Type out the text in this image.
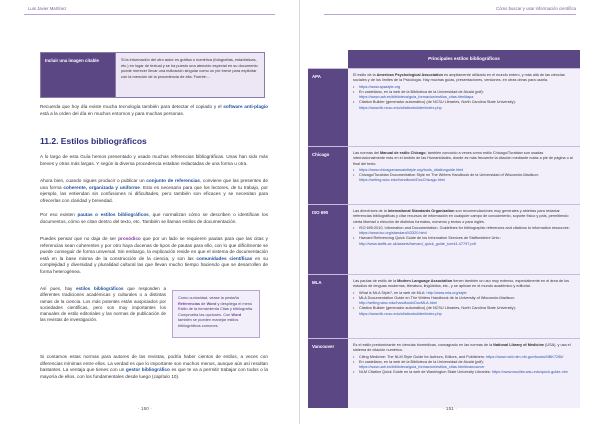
Luis Javier Martínez
Incluir una imagen citable	Si la información del otro autor es gráfica o numérica (fotografías, estadísticas, etc.) en lugar de textual y se ha puesto una atención especial en su documento puede merecer llevar una indicación singular como un pie breve para explicitar con la mención de la procedencia de ella. Fuente:...
Recuerda que hoy día existe mucha tecnología también para detectar el copiado y el software anti-plagio está a la orden del día en muchos entornos y para muchas personas.
11.2. Estilos bibliográficos
A lo largo de esta Guía hemos presentado y usado muchas referencias bibliográficas. Unas han sido más breves y otras más largas. Y según la diversa procedencia estaban redactadas de una forma u otra.
Ahora bien, cuando sigues producir o publicar un conjunto de referencias, conviene que las presentes de una forma coherente, organizada y uniforme. Esto es necesario para que los lectores, de tu trabajo, por ejemplo, las entiendan sin confusiones ni dificultades, pero también son eficaces y se necesitan para ofrecerlas con claridad y brevedad.
Por eso existen pautas o estilos bibliográficos, que normalizan cómo se describen o identifican los documentos, cómo se citan dentro del texto, etc. También se llaman estilos de documentación.
Puedes pensar que no daja de ser prosódico que por un lado se requieren pautas para que las citas y referencias sean coherentes y por otro haya docenas de tipos de pautas para ello, con lo que difícilmente se puede conseguir de forma universal. Sin embargo, la explicación reside en que el sistema de documentación está en la base misma de la construcción de la ciencia, y son las comunidades científicas en su complejidad y diversidad y pluralidad cultural las que llevan mucho tiempo haciendo que se desarrollen de forma heterogénea.
Así pues, hay estilos bibliográficos que responden a diferentes tradiciones académicas y culturales o a distintas ramas de la ciencia. Los más potentes están auspiciados por sociedades científicas, pero son muy importantes los manuales de estilo editoriales y las normas de publicación de las revistas de investigación.
Como curiosidad, véase la pestaña Referencias de Word y despliega el menú Estilo de la herramienta Citas y bibliografía. Comprueba las opciones. Con Word también se pueden manejar estilos bibliográficos comunes.
Si contamos estas normas para autores de las revistas, podría haber cientos de estilos, a veces con diferencias mínimas entre ellos. La verdad es que lo importante son muchos menos, aunque aún así resultan bastantes. La ventaja que tienes con un gestor bibliográfico es que te va a permitir trabajar con todos o la mayoría de ellos, con los fundamentales desde luego (capítulo 10).
· 150 ·
Cómo buscar y usar información científica
Principales estilos bibliográficos
APA	El estilo de la American Psychological Association es ampliamente utilizado en el mundo entero, y más allá de las ciencias sociales y de los límites de la Psicología. Hay muchas guías, presentaciones, versiones, en otras obras para usarla.
• https://www.apastyle.org
• En castellano, en la web de la Biblioteca de la Universidad de Alcalá (pdf): https://www.uah.es/biblioteca/guia_formacion/estilos_citas.html#apa
• Citation Builder (generador automático) (de NCSU Libraries, North Carolina State University): https://www.lib.ncsu.edu/citationbuilder/index.php
Chicago	Las normas del Manual de estilo Chicago, también conocido a veces como estilo Chicago/Turabian son usadas internacionalmente más en el ámbito de las Humanidades, donde es más frecuente la citación mediante notas a pie de página o al final del texto.
• https://www.chicagomanualofstyle.org/tools_citationguide.html
• Chicago/Turabian Documentation Style en The Writers Handbook de la Universidad of Wisconsin-Madison: https://writing.wisc.edu/handbook/DocChicago.html
ISO 690	Las directrices de la International Standards Organization son recomendaciones muy generales y abiertas para redactar referencias bibliográficas y citar recursos de información en cualquier campo de conocimiento, soporte físico y país, permitiendo cierta libertad o elección de distintos formatos, números y textos o para inglés.
• ISO 690:2010, Information and Documentation. Guidelines for bibliographic references and citations to information resources: https://www.iso.org/standard/43320.html
• Harvard Referencing Quick Guide de los Information Services de Staffordshire Univ.: http://www.staffs.ac.uk/assets/harvard_quick_guide_tcm44-47797.pdf
MLA	Las pautas de estilo de la Modern Language Association tienen también un uso muy extenso, especialmente en el área de los estudios de lenguas modernas, literatura, lingüística, etc., y se aplican en el mundo académico y editorial.
• What is MLA Style?, en la web de MLA: http://www.mla.org/style
• MLA Documentation Guide en The Writers Handbook de la University of Wisconsin-Madison: http://writing.wisc.edu/handbook/DocMLA.html
• Citation Builder (generador automático) (de NCSU Libraries, North Carolina State University): https://www.lib.ncsu.edu/citationbuilder/index.php
Vancouver	Es el estilo predominante en ciencias biomédicas, consagrado en las normas de la National Library of Medicine (USA), y usa el sistema de citación numérico.
• Citing Medicine: The NLM Style Guide for Authors, Editors, and Publishers: https://www.ncbi.nlm.nih.gov/books/NBK7256/
• En castellano, en la web de la Biblioteca de la Universidad de Alcalá (pdf): https://www.uah.es/biblioteca/guia_formacion/estilos_citas.html#vancouver
• NLM Citation Quick Guide en la web de Washington State University Libraries: https://www.wsulibs.wsu.edu/quick-guide-nlm
· 151 ·
